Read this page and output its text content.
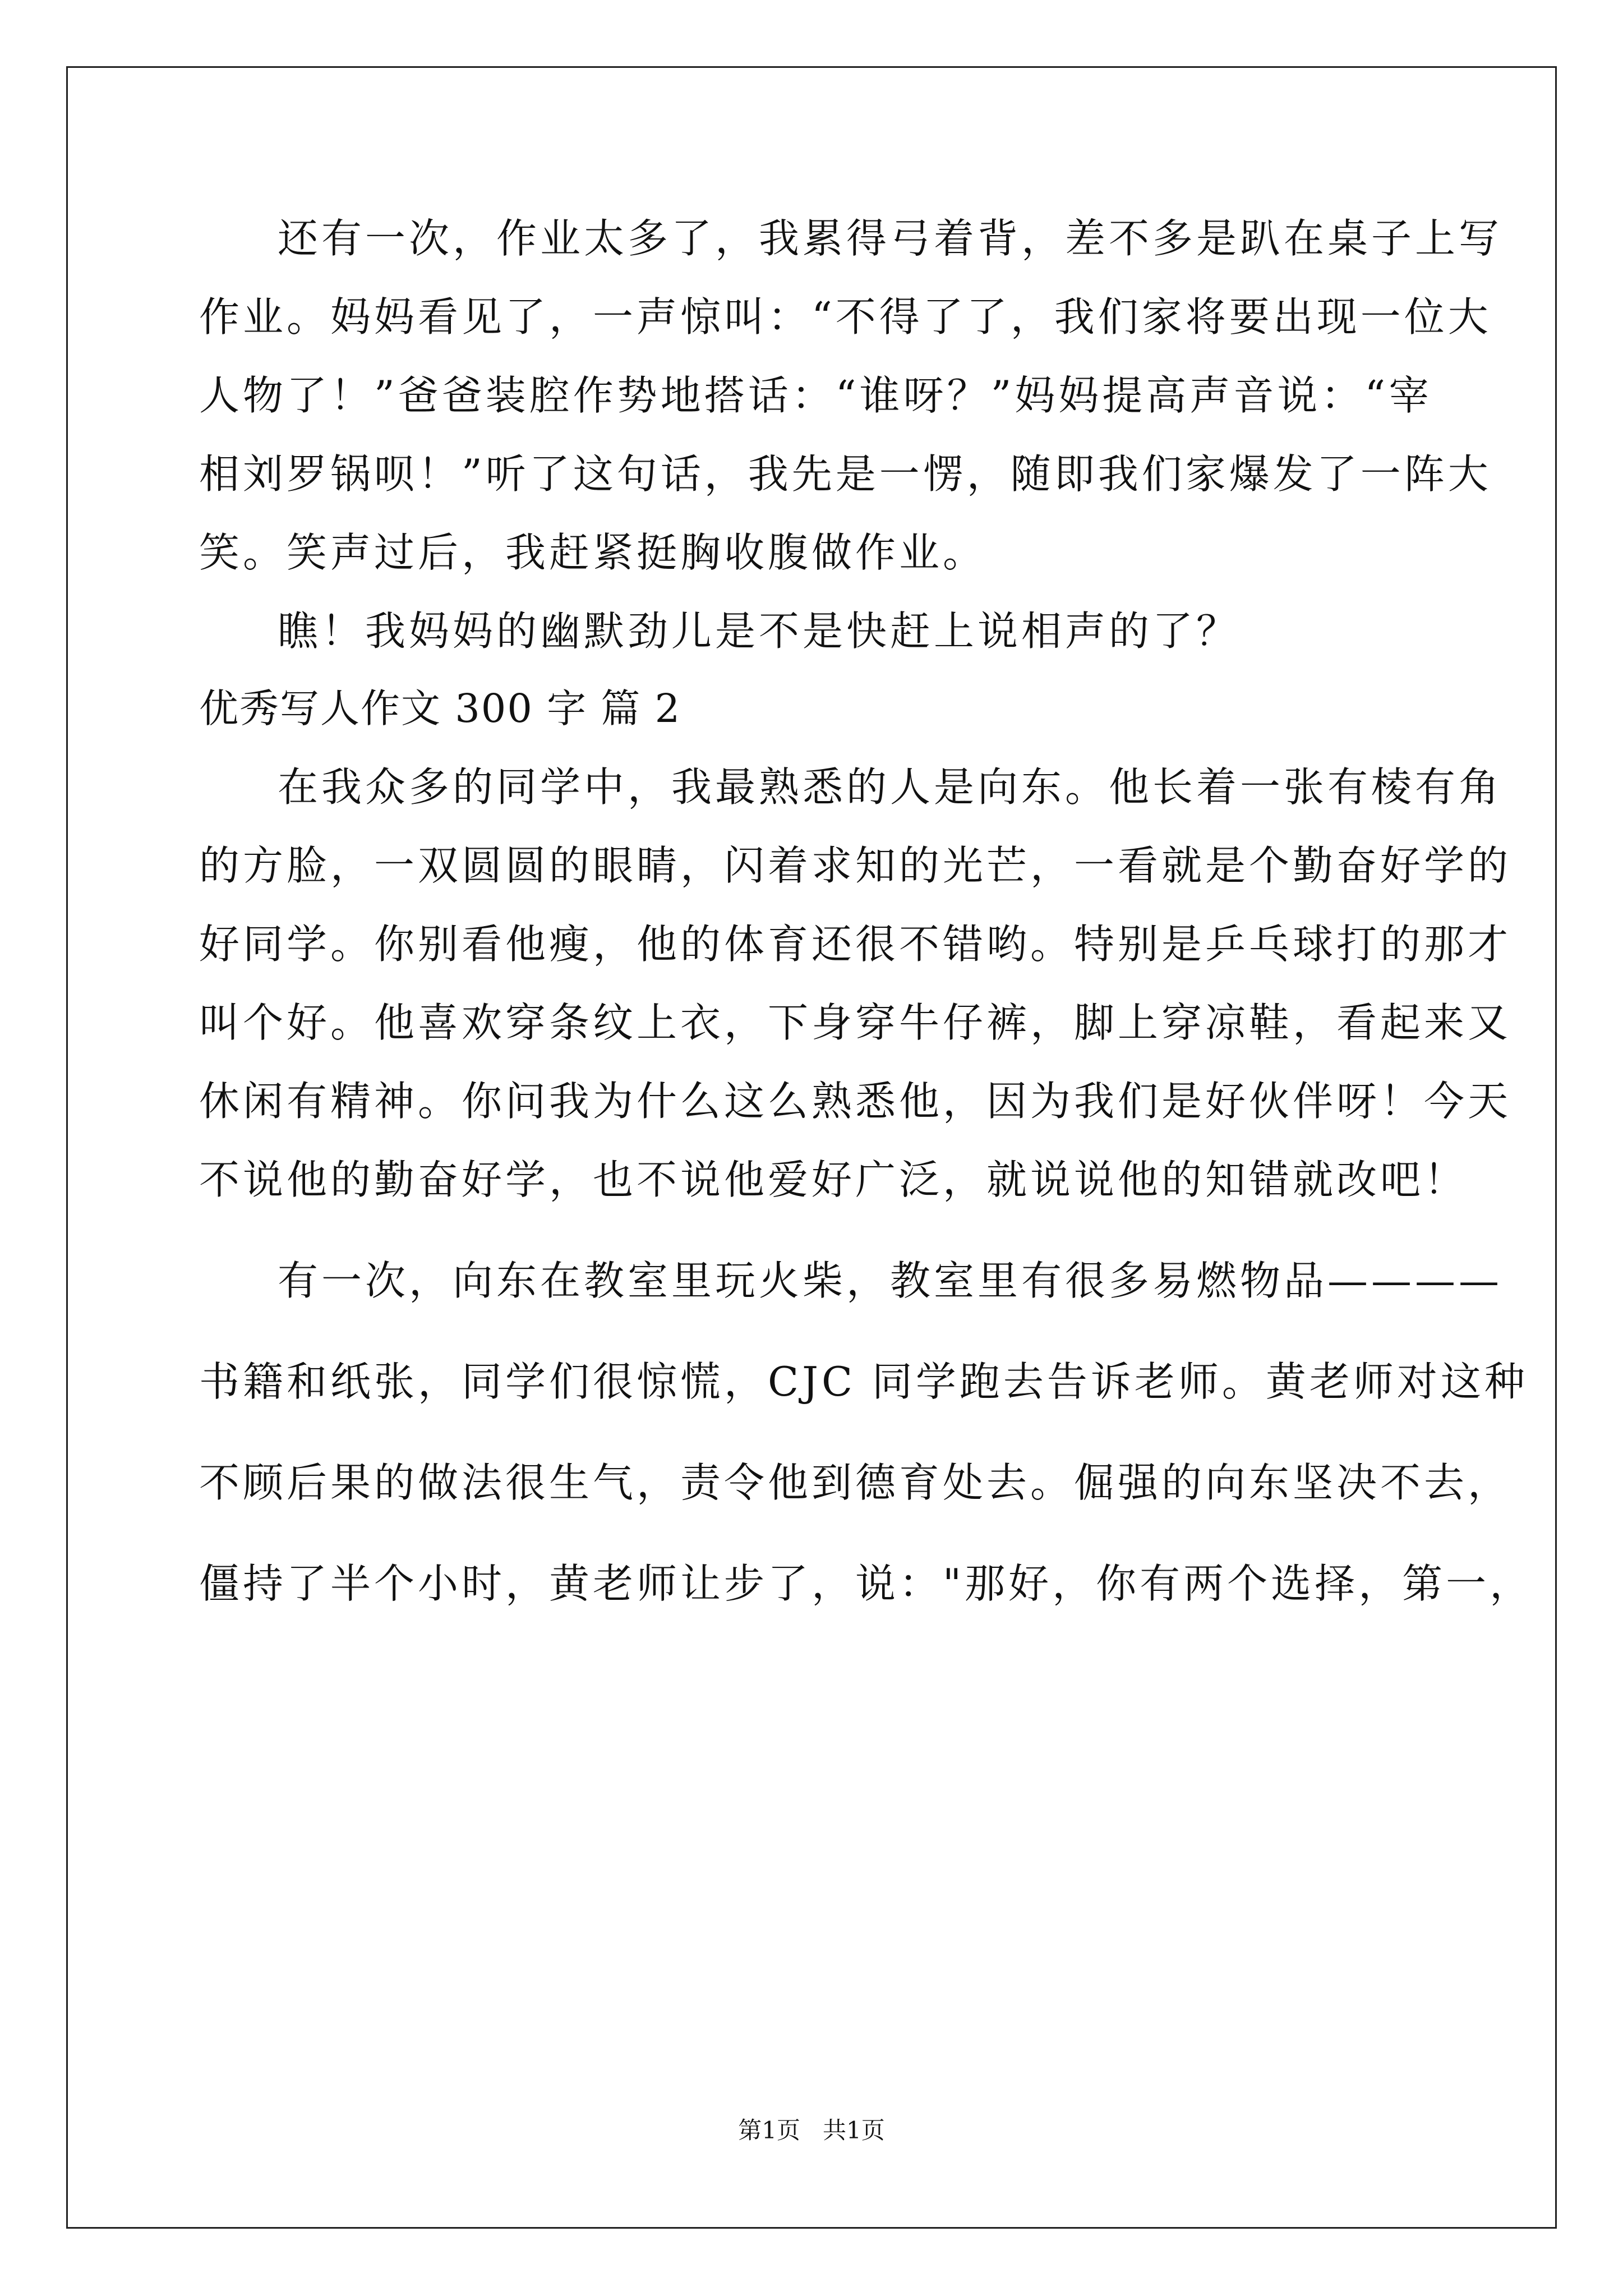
还有一次，作业太多了，我累得弓着背，差不多是趴在桌子上写
作业。妈妈看见了，一声惊叫：“不得了了，我们家将要出现一位大
人物了！”爸爸装腔作势地搭话：“谁呀？”妈妈提高声音说：“宰
相刘罗锅呗！”听了这句话，我先是一愣，随即我们家爆发了一阵大
笑。笑声过后，我赶紧挺胸收腹做作业。
瞧！我妈妈的幽默劲儿是不是快赶上说相声的了？
优秀写人作文 300 字 篇 2
在我众多的同学中，我最熟悉的人是向东。他长着一张有棱有角
的方脸，一双圆圆的眼睛，闪着求知的光芒，一看就是个勤奋好学的
好同学。你别看他瘦，他的体育还很不错哟。特别是乒乓球打的那才
叫个好。他喜欢穿条纹上衣，下身穿牛仔裤，脚上穿凉鞋，看起来又
休闲有精神。你问我为什么这么熟悉他，因为我们是好伙伴呀！今天
不说他的勤奋好学，也不说他爱好广泛，就说说他的知错就改吧！
有一次，向东在教室里玩火柴，教室里有很多易燃物品————
书籍和纸张，同学们很惊慌，CJC 同学跑去告诉老师。黄老师对这种
不顾后果的做法很生气，责令他到德育处去。倔强的向东坚决不去，
僵持了半个小时，黄老师让步了，说："那好，你有两个选择，第一，
第1页   共1页
